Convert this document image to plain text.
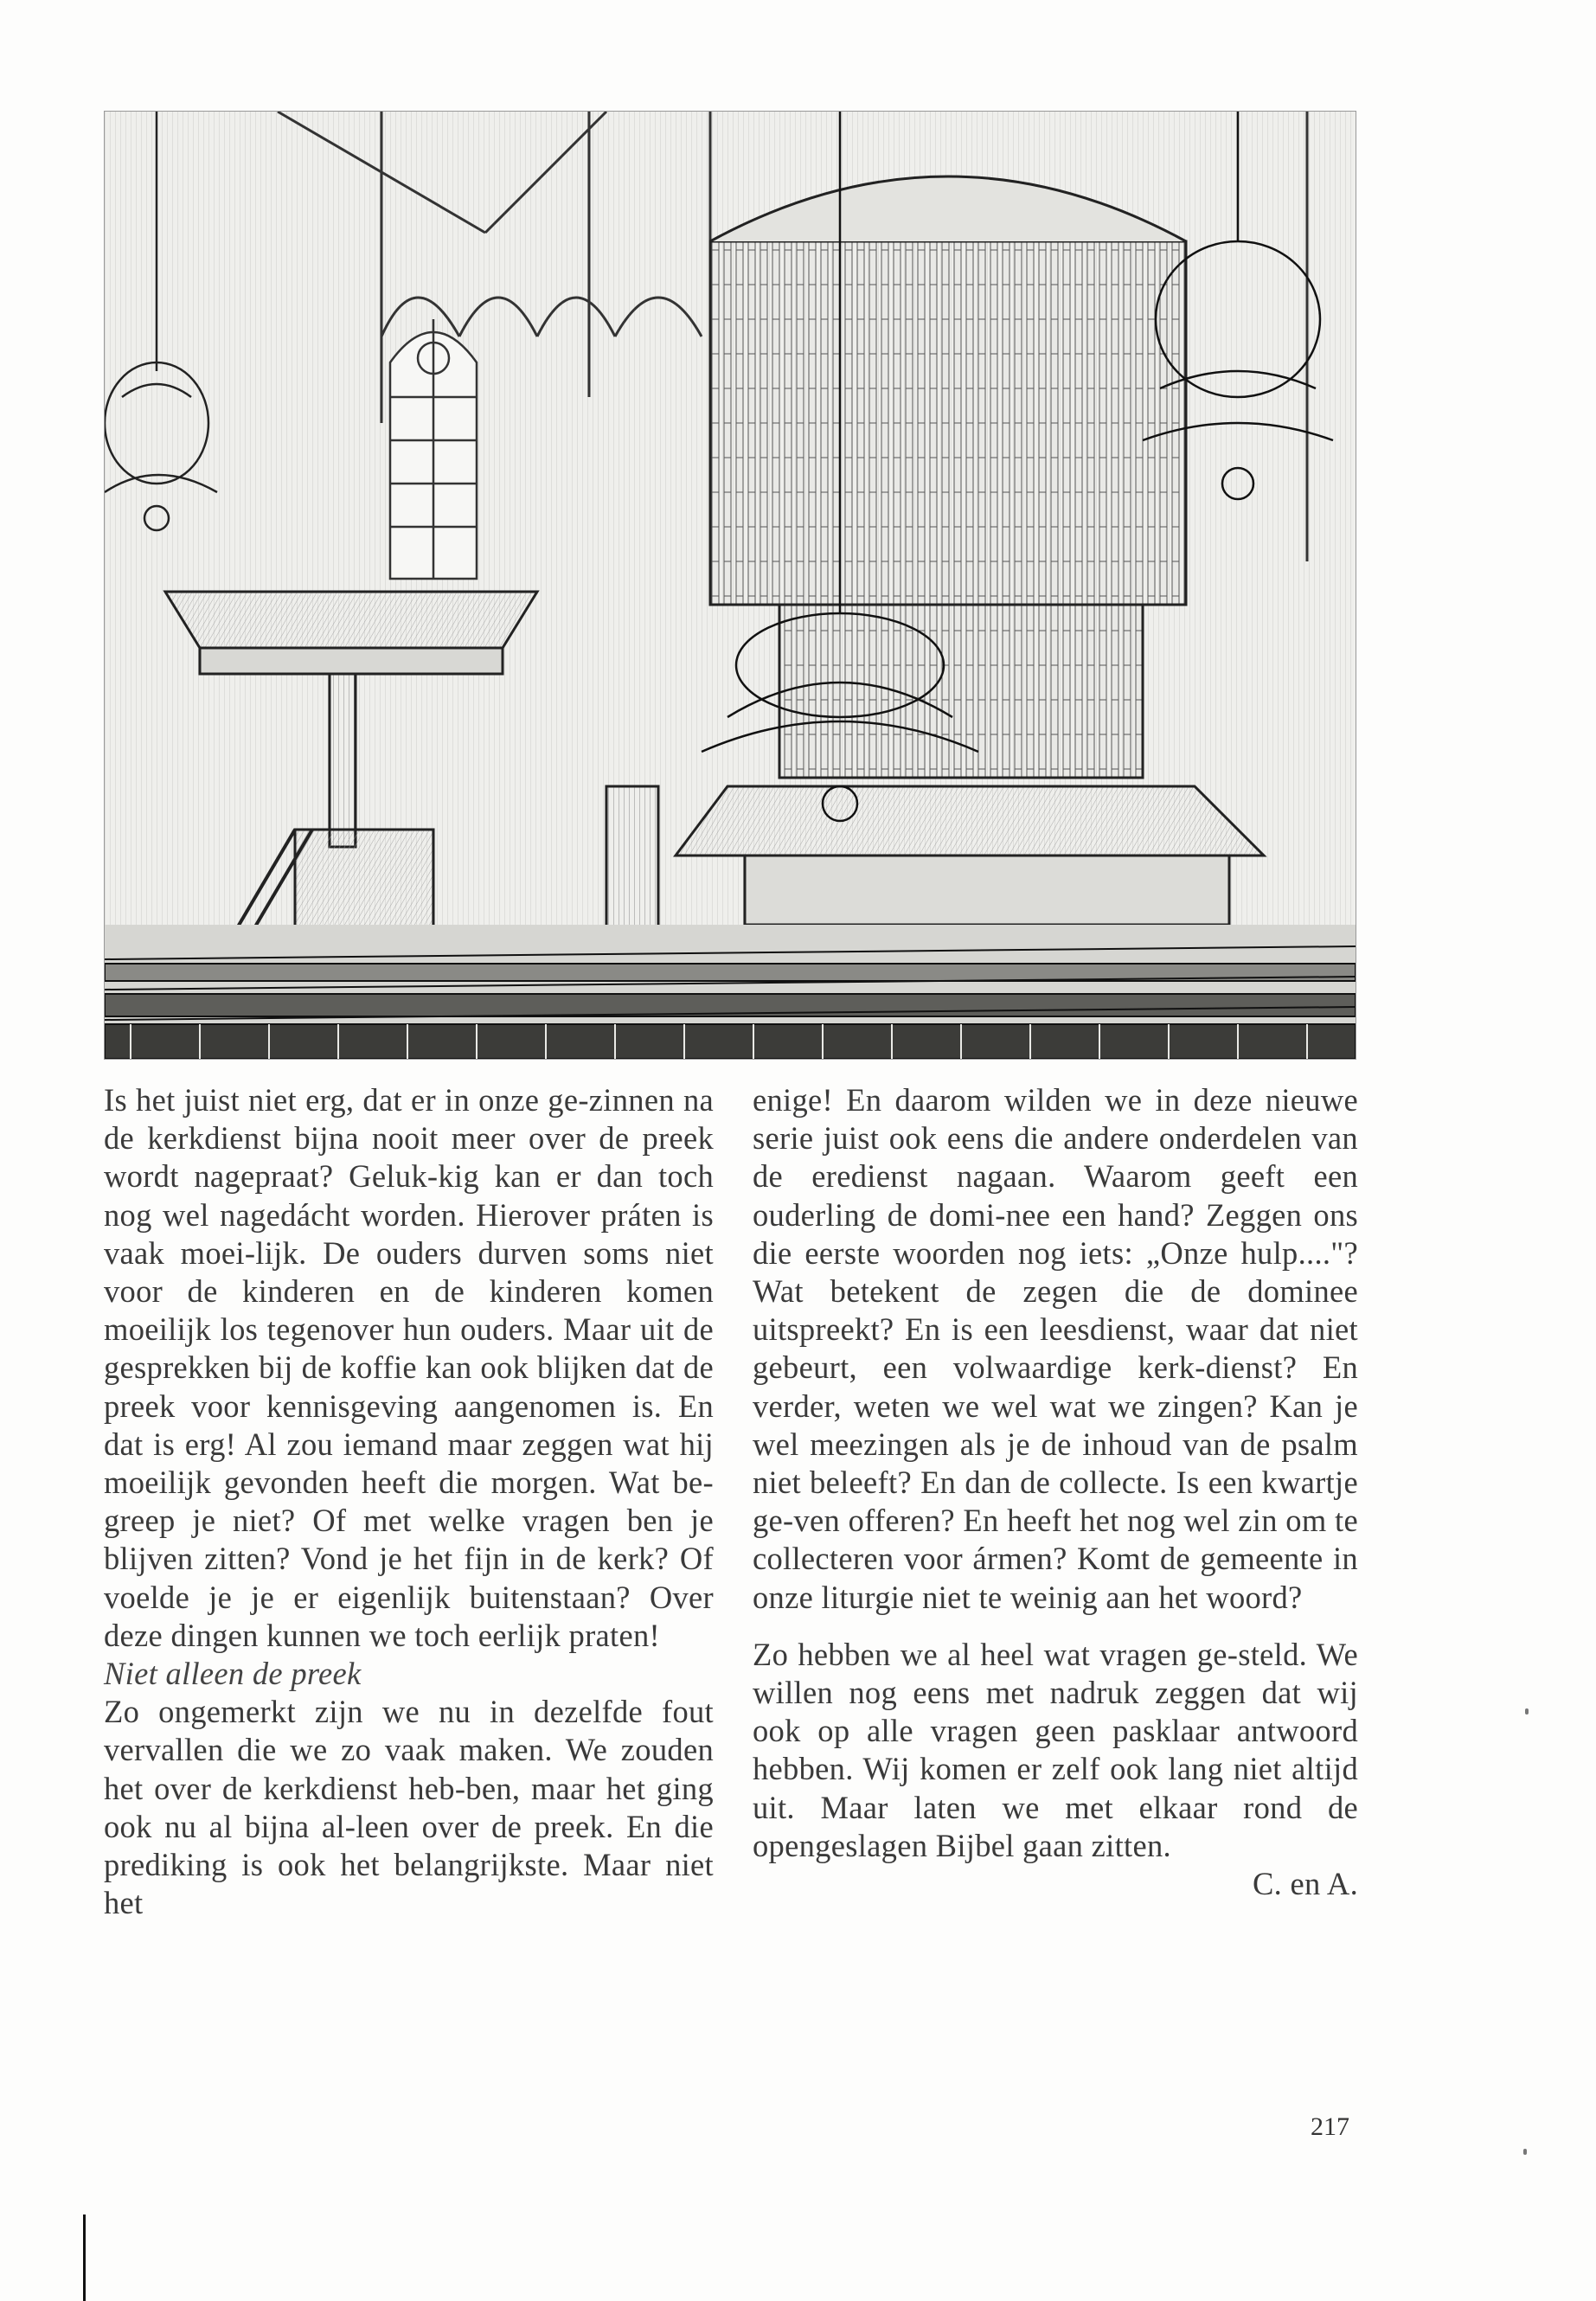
Is het juist niet erg, dat er in onze ge-zinnen na de kerkdienst bijna nooit meer over de preek wordt nagepraat? Geluk-kig kan er dan toch nog wel nagedácht worden. Hierover práten is vaak moei-lijk. De ouders durven soms niet voor de kinderen en de kinderen komen moeilijk los tegenover hun ouders. Maar uit de gesprekken bij de koffie kan ook blijken dat de preek voor kennisgeving aangenomen is. En dat is erg! Al zou iemand maar zeggen wat hij moeilijk gevonden heeft die morgen. Wat be-greep je niet? Of met welke vragen ben je blijven zitten? Vond je het fijn in de kerk? Of voelde je je er eigenlijk buitenstaan? Over deze dingen kunnen we toch eerlijk praten!

Niet alleen de preek

Zo ongemerkt zijn we nu in dezelfde fout vervallen die we zo vaak maken. We zouden het over de kerkdienst heb-ben, maar het ging ook nu al bijna al-leen over de preek. En die prediking is ook het belangrijkste. Maar niet het

enige! En daarom wilden we in deze nieuwe serie juist ook eens die andere onderdelen van de eredienst nagaan. Waarom geeft een ouderling de domi-nee een hand? Zeggen ons die eerste woorden nog iets: „Onze hulp...."? Wat betekent de zegen die de dominee uitspreekt? En is een leesdienst, waar dat niet gebeurt, een volwaardige kerk-dienst? En verder, weten we wel wat we zingen? Kan je wel meezingen als je de inhoud van de psalm niet beleeft? En dan de collecte. Is een kwartje ge-ven offeren? En heeft het nog wel zin om te collecteren voor ármen? Komt de gemeente in onze liturgie niet te weinig aan het woord?

Zo hebben we al heel wat vragen ge-steld. We willen nog eens met nadruk zeggen dat wij ook op alle vragen geen pasklaar antwoord hebben. Wij komen er zelf ook lang niet altijd uit. Maar laten we met elkaar rond de opengeslagen Bijbel gaan zitten.

C. en A.

217
